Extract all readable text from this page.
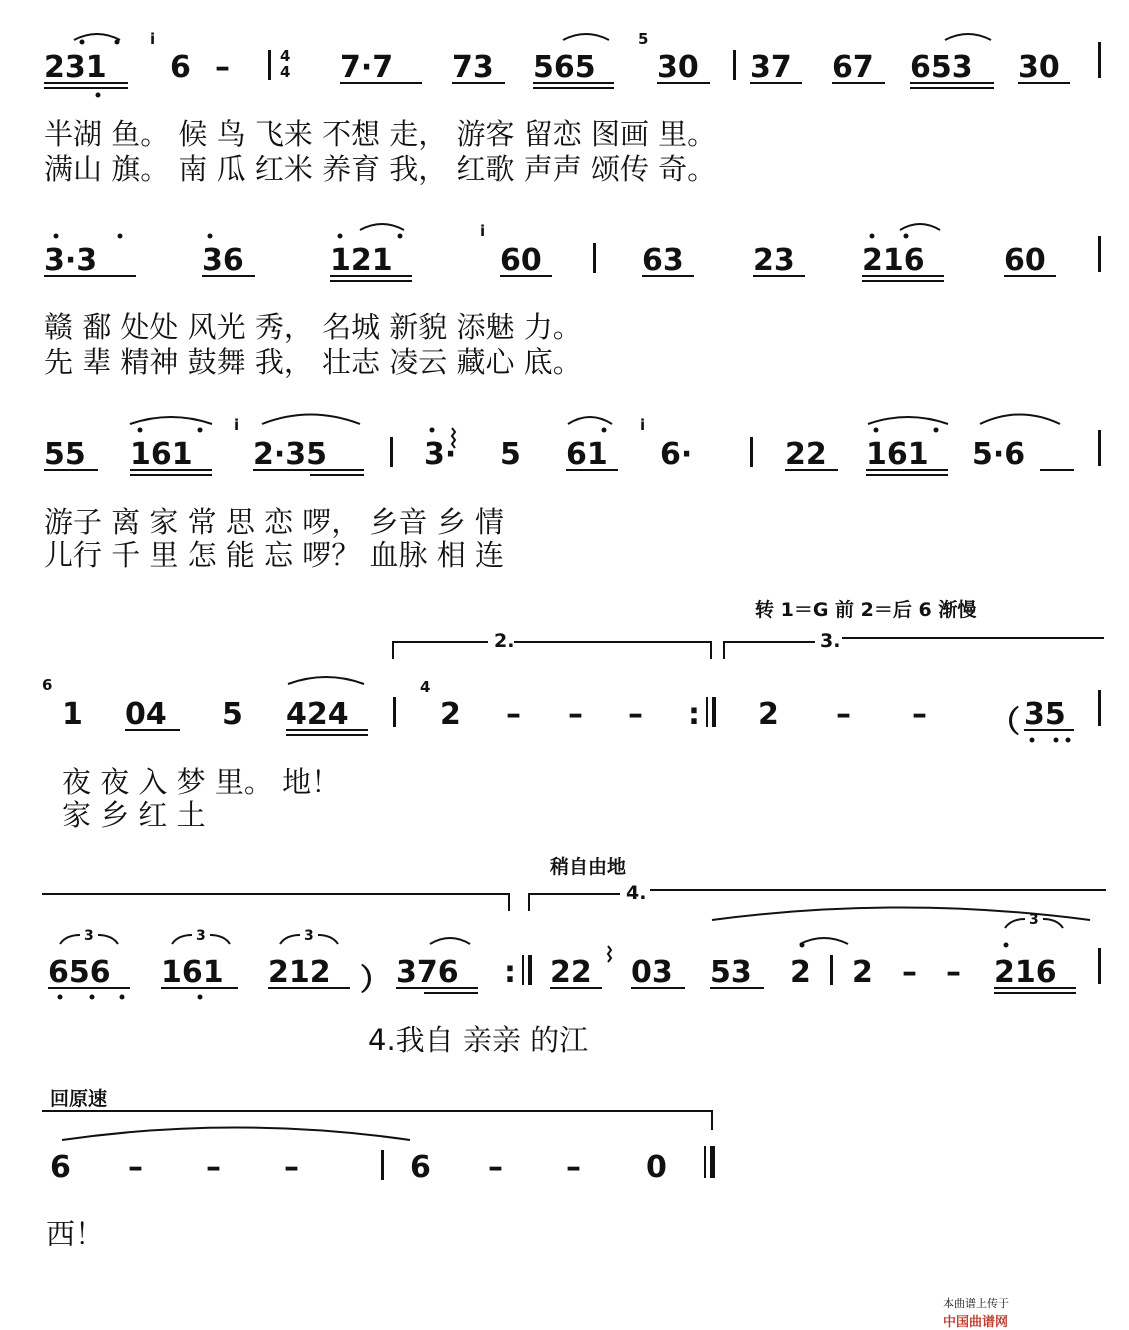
231
i
6 –	4
4 7·7 73 565
5
30 37 67 653 30
半湖 鱼。 候 鸟 飞来 不想 走， 游客 留恋 图画 里。
满山 旗。 南 瓜 红米 养育 我， 红歌 声声 颂传 奇。
3·3	36	121
i
60	63 23 216	60
赣 鄱 处处 风光 秀， 名城 新貌 添魅 力。
先 辈 精神 鼓舞 我， 壮志 凌云 藏心 底。
55 161
i
2·35	3· 5 61
i
6·	22 161 5·6
游子 离 家 常 思 恋 啰， 乡音 乡 情
儿行 千 里 怎 能 忘 啰？ 血脉 相 连
转 1＝G 前 2＝后 6 渐慢
2.	3.
6
1 04 5 424
4
2 – – – : 2 – – （ 35
夜 夜 入 梦 里。 地！
家 乡 红 土
稍自由地
4.
656 161 212 ） 376 : 22 03 53 2 2 – – 216
4.我自 亲亲 的江
回原速
6 – – –	6 – – 0
西！
3	3	3
3

本曲谱上传于
中国曲谱网
